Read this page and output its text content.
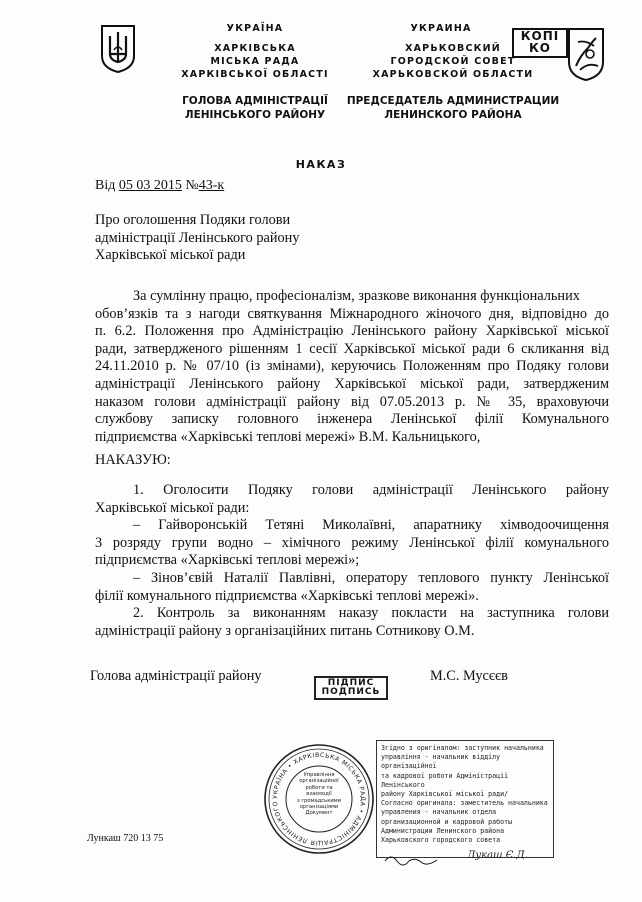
УКРАЇНА
ХАРКІВСЬКА
МІСЬКА РАДА
ХАРКІВСЬКОЇ ОБЛАСТІ
ГОЛОВА АДМІНІСТРАЦІЇ
ЛЕНІНСЬКОГО РАЙОНУ
УКРАИНА
ХАРЬКОВСКИЙ
ГОРОДСКОЙ СОВЕТ
ХАРЬКОВСКОЙ ОБЛАСТИ
ПРЕДСЕДАТЕЛЬ АДМИНИСТРАЦИИ
ЛЕНИНСКОГО РАЙОНА
КОПІ
КО
НАКАЗ
Від 05 03 2015 №43-к
Про оголошення Подяки голови
адміністрації Ленінського району
Харківської міської ради
За сумлінну працю, професіоналізм, зразкове виконання функціональних
обов’язків та з нагоди святкування Міжнародного жіночого дня, відповідно до
п. 6.2. Положення про Адміністрацію Ленінського району Харківської міської
ради, затвердженого рішенням 1 сесії Харківської міської ради 6 скликання від
24.11.2010 р. № 07/10 (із змінами), керуючись Положенням про Подяку голови
адміністрації Ленінського району Харківської міської ради, затвердженим
наказом голови адміністрації району від 07.05.2013 р. № 35, враховуючи
службову записку головного інженера Ленінської філії Комунального
підприємства «Харківські теплові мережі» В.М. Кальницького,
НАКАЗУЮ:
1. Оголосити Подяку голови адміністрації Ленінського району
Харківської міської ради:
– Гайворонській Тетяні Миколаївні, апаратнику хімводоочищення
3 розряду групи водно – хімічного режиму Ленінської філії комунального
підприємства «Харківські теплові мережі»;
– Зінов’євій Наталії Павлівні, оператору теплового пункту Ленінської
філії комунального підприємства «Харківські теплові мережі».
2. Контроль за виконанням наказу покласти на заступника голови
адміністрації району з організаційних питань Сотникову О.М.
Голова адміністрації району	ПІДПИС
ПОДПИСЬ
М.С. Мусєєв
УКРАЇНА • ХАРКІВСЬКА МІСЬКА РАДА • АДМІНІСТРАЦІЯ ЛЕНІНСЬКОГО
Управління
організаційної
роботи та
взаємодії
з громадськими
організаціями
Документ
Згідно з оригіналом: заступник начальника
управління - начальник відділу організаційної
та кадрової роботи Адміністрації Ленінського
району Харківської міської ради/
Согласно оригинала: заместитель начальника
управления - начальник отдела
организационной и кадровой работы
Администрации Ленинского района
Харьковского городского совета
Лукаш Є.Д.
Лункаш 720 13 75
